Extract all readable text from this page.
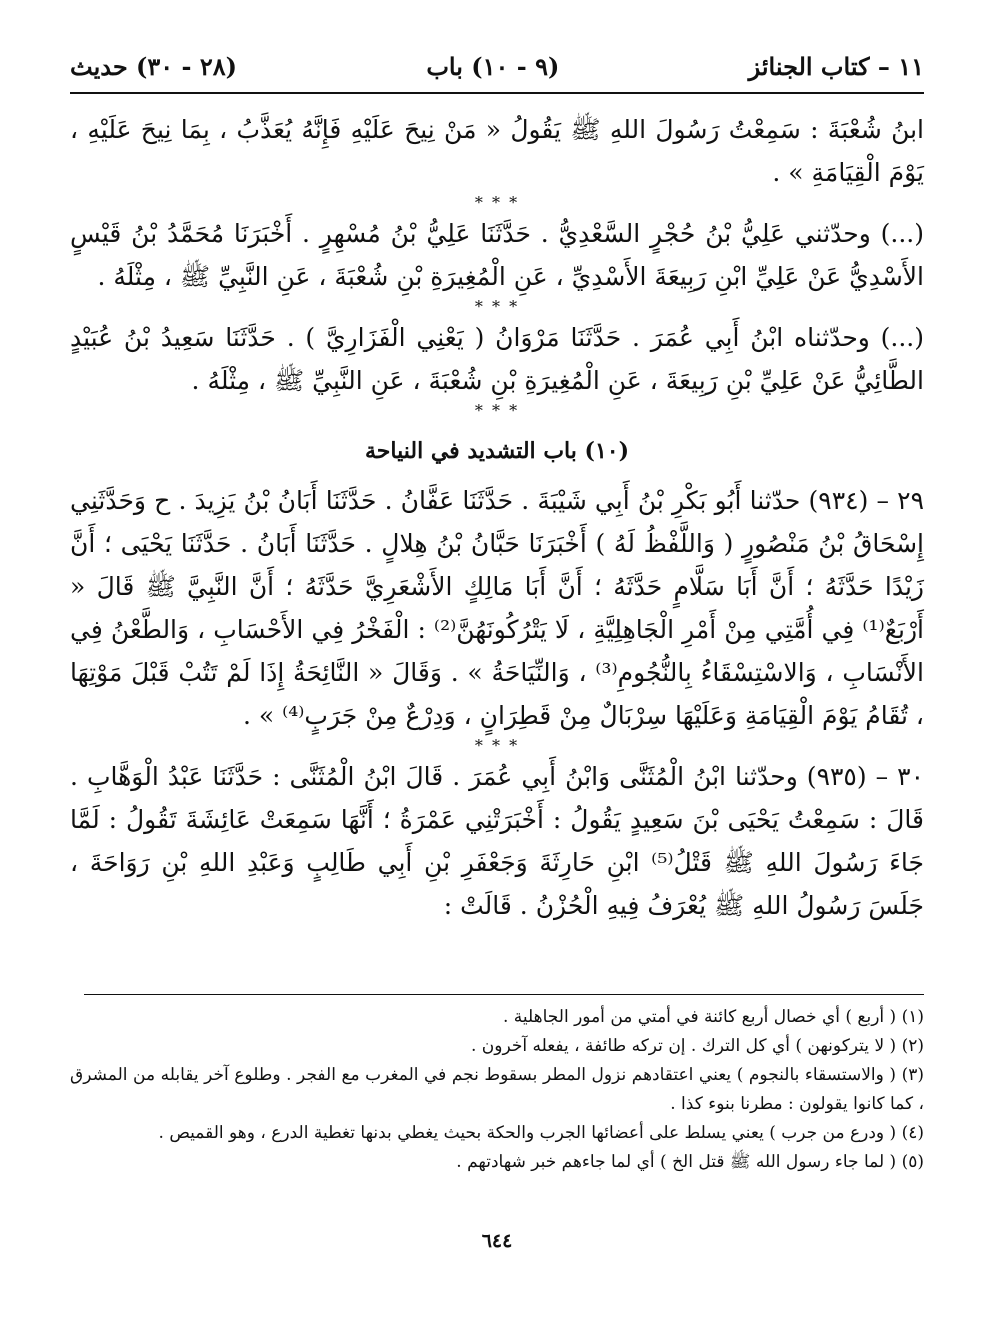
١١ – كتاب الجنائز
(٩ - ١٠) باب
(٢٨ - ٣٠) حديث

ابنُ شُعْبَةَ : سَمِعْتُ رَسُولَ اللهِ ﷺ يَقُولُ « مَنْ نِيحَ عَلَيْهِ فَإِنَّهُ يُعَذَّبُ ، بِمَا نِيحَ عَلَيْهِ ، يَوْمَ الْقِيَامَةِ » .

* * *

(...) وحدّثني عَلِيُّ بْنُ حُجْرٍ السَّعْدِيُّ . حَدَّثَنَا عَلِيُّ بْنُ مُسْهِرٍ . أَخْبَرَنَا مُحَمَّدُ بْنُ قَيْسٍ الأَسْدِيُّ عَنْ عَلِيِّ ابْنِ رَبِيعَةَ الأَسْدِيِّ ، عَنِ الْمُغِيرَةِ بْنِ شُعْبَةَ ، عَنِ النَّبِيِّ ﷺ ، مِثْلَهُ .

* * *

(...) وحدّثناه ابْنُ أَبِي عُمَرَ . حَدَّثَنَا مَرْوَانُ ( يَعْنِي الْفَزَارِيَّ ) . حَدَّثَنَا سَعِيدُ بْنُ عُبَيْدٍ الطَّائِيُّ عَنْ عَلِيِّ بْنِ رَبِيعَةَ ، عَنِ الْمُغِيرَةِ بْنِ شُعْبَةَ ، عَنِ النَّبِيِّ ﷺ ، مِثْلَهُ .

* * *

(١٠) باب التشديد في النياحة

٢٩ – (٩٣٤) حدّثنا أَبُو بَكْرِ بْنُ أَبِي شَيْبَةَ . حَدَّثَنَا عَفَّانُ . حَدَّثَنَا أَبَانُ بْنُ يَزِيدَ . ح وَحَدَّثَنِي إِسْحَاقُ بْنُ مَنْصُورٍ ( وَاللَّفْظُ لَهُ ) أَخْبَرَنَا حَبَّانُ بْنُ هِلالٍ . حَدَّثَنَا أَبَانُ . حَدَّثَنَا يَحْيَى ؛ أَنَّ زَيْدًا حَدَّثَهُ ؛ أَنَّ أَبَا سَلَّامٍ حَدَّثَهُ ؛ أَنَّ أَبَا مَالِكٍ الأَشْعَرِيَّ حَدَّثَهُ ؛ أَنَّ النَّبِيَّ ﷺ قَالَ « أَرْبَعٌ⁽¹⁾ فِي أُمَّتِي مِنْ أَمْرِ الْجَاهِلِيَّةِ ، لَا يَتْرُكُونَهُنَّ⁽²⁾ : الْفَخْرُ فِي الأَحْسَابِ ، وَالطَّعْنُ فِي الأَنْسَابِ ، وَالاسْتِسْقَاءُ بِالنُّجُومِ⁽³⁾ ، وَالنِّيَاحَةُ » . وَقَالَ « النَّائِحَةُ إِذَا لَمْ تَتُبْ قَبْلَ مَوْتِهَا ، تُقَامُ يَوْمَ الْقِيَامَةِ وَعَلَيْهَا سِرْبَالٌ مِنْ قَطِرَانٍ ، وَدِرْعٌ مِنْ جَرَبٍ⁽⁴⁾ » .

* * *

٣٠ – (٩٣٥) وحدّثنا ابْنُ الْمُثَنَّى وَابْنُ أَبِي عُمَرَ . قَالَ ابْنُ الْمُثَنَّى : حَدَّثَنَا عَبْدُ الْوَهَّابِ . قَالَ : سَمِعْتُ يَحْيَى بْنَ سَعِيدٍ يَقُولُ : أَخْبَرَتْنِي عَمْرَةُ ؛ أَنَّهَا سَمِعَتْ عَائِشَةَ تَقُولُ : لَمَّا جَاءَ رَسُولَ اللهِ ﷺ قَتْلُ⁽⁵⁾ ابْنِ حَارِثَةَ وَجَعْفَرِ بْنِ أَبِي طَالِبٍ وَعَبْدِ اللهِ بْنِ رَوَاحَةَ ، جَلَسَ رَسُولُ اللهِ ﷺ يُعْرَفُ فِيهِ الْحُزْنُ . قَالَتْ :

(١) ( أربع ) أي خصال أربع كائنة في أمتي من أمور الجاهلية .

(٢) ( لا يتركونهن ) أي كل الترك . إن تركه طائفة ، يفعله آخرون .

(٣) ( والاستسقاء بالنجوم ) يعني اعتقادهم نزول المطر بسقوط نجم في المغرب مع الفجر . وطلوع آخر يقابله من المشرق ، كما كانوا يقولون : مطرنا بنوء كذا .

(٤) ( ودرع من جرب ) يعني يسلط على أعضائها الجرب والحكة بحيث يغطي بدنها تغطية الدرع ، وهو القميص .

(٥) ( لما جاء رسول الله ﷺ قتل الخ ) أي لما جاءهم خبر شهادتهم .

٦٤٤
